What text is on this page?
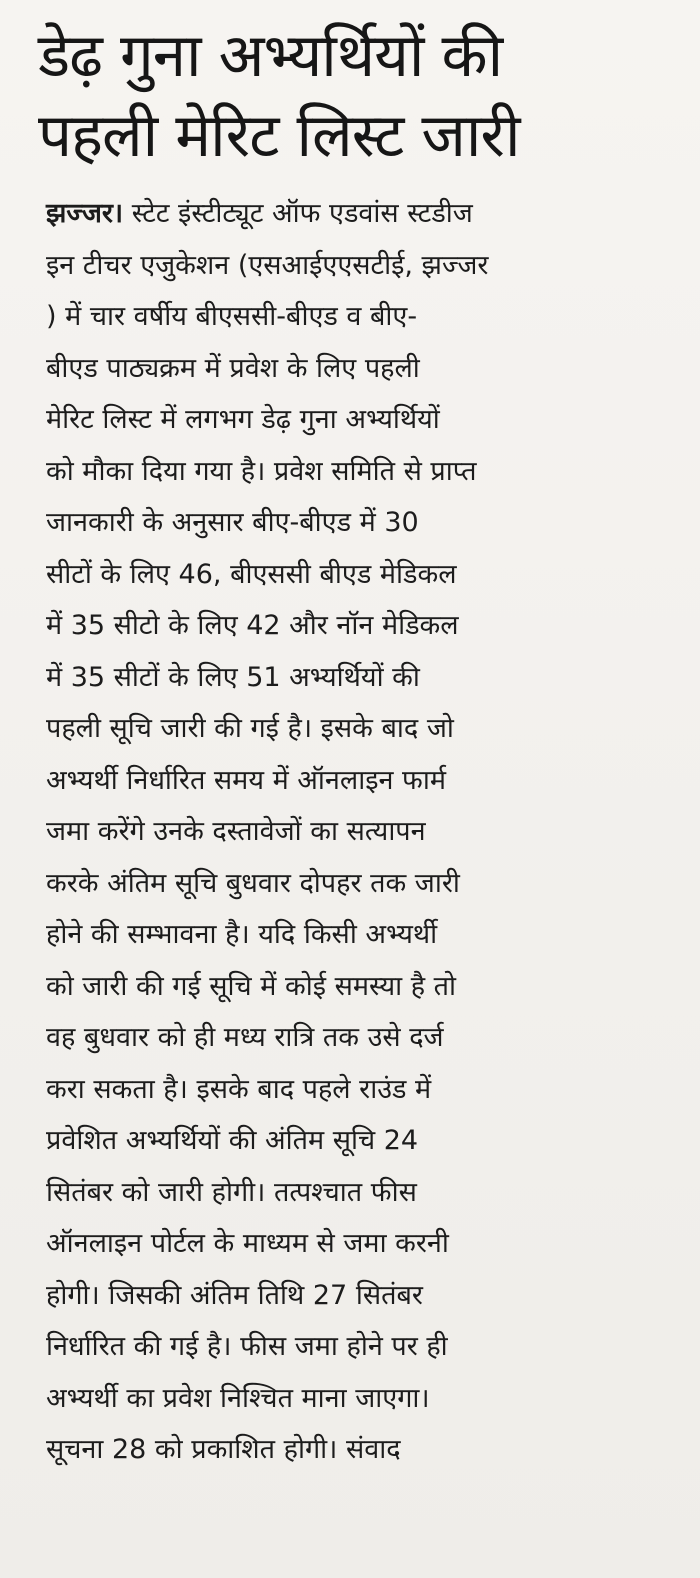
डेढ़ गुना अभ्यर्थियों की
पहली मेरिट लिस्ट जारी
झज्जर। स्टेट इंस्टीट्यूट ऑफ एडवांस स्टडीज
इन टीचर एजुकेशन (एसआईएएसटीई, झज्जर
) में चार वर्षीय बीएससी-बीएड व बीए-
बीएड पाठ्यक्रम में प्रवेश के लिए पहली
मेरिट लिस्ट में लगभग डेढ़ गुना अभ्यर्थियों
को मौका दिया गया है। प्रवेश समिति से प्राप्त
जानकारी के अनुसार बीए-बीएड में 30
सीटों के लिए 46, बीएससी बीएड मेडिकल
में 35 सीटो के लिए 42 और नॉन मेडिकल
में 35 सीटों के लिए 51 अभ्यर्थियों की
पहली सूचि जारी की गई है। इसके बाद जो
अभ्यर्थी निर्धारित समय में ऑनलाइन फार्म
जमा करेंगे उनके दस्तावेजों का सत्यापन
करके अंतिम सूचि बुधवार दोपहर तक जारी
होने की सम्भावना है। यदि किसी अभ्यर्थी
को जारी की गई सूचि में कोई समस्या है तो
वह बुधवार को ही मध्य रात्रि तक उसे दर्ज
करा सकता है। इसके बाद पहले राउंड में
प्रवेशित अभ्यर्थियों की अंतिम सूचि 24
सितंबर को जारी होगी। तत्पश्चात फीस
ऑनलाइन पोर्टल के माध्यम से जमा करनी
होगी। जिसकी अंतिम तिथि 27 सितंबर
निर्धारित की गई है। फीस जमा होने पर ही
अभ्यर्थी का प्रवेश निश्चित माना जाएगा।
सूचना 28 को प्रकाशित होगी। संवाद
